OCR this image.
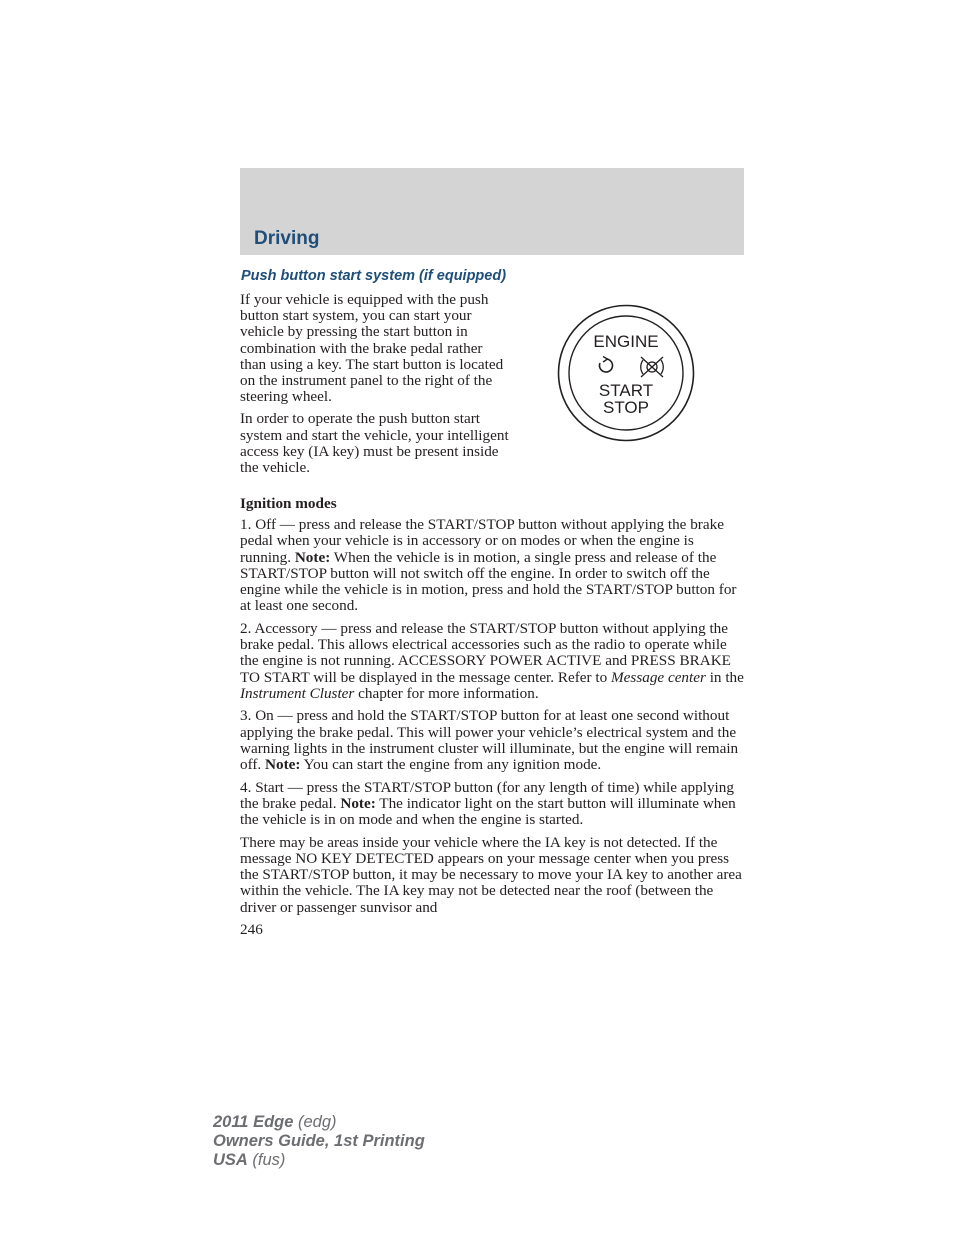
Driving
Push button start system (if equipped)

If your vehicle is equipped with the push button start system, you can start your vehicle by pressing the start button in combination with the brake pedal rather than using a key. The start button is located on the instrument panel to the right of the steering wheel.

In order to operate the push button start system and start the vehicle, your intelligent access key (IA key) must be present inside the vehicle.

ENGINE
START
STOP

Ignition modes

1. Off — press and release the START/STOP button without applying the brake pedal when your vehicle is in accessory or on modes or when the engine is running. Note: When the vehicle is in motion, a single press and release of the START/STOP button will not switch off the engine. In order to switch off the engine while the vehicle is in motion, press and hold the START/STOP button for at least one second.

2. Accessory — press and release the START/STOP button without applying the brake pedal. This allows electrical accessories such as the radio to operate while the engine is not running. ACCESSORY POWER ACTIVE and PRESS BRAKE TO START will be displayed in the message center. Refer to Message center in the Instrument Cluster chapter for more information.

3. On — press and hold the START/STOP button for at least one second without applying the brake pedal. This will power your vehicle’s electrical system and the warning lights in the instrument cluster will illuminate, but the engine will remain off. Note: You can start the engine from any ignition mode.

4. Start — press the START/STOP button (for any length of time) while applying the brake pedal. Note: The indicator light on the start button will illuminate when the vehicle is in on mode and when the engine is started.

There may be areas inside your vehicle where the IA key is not detected. If the message NO KEY DETECTED appears on your message center when you press the START/STOP button, it may be necessary to move your IA key to another area within the vehicle. The IA key may not be detected near the roof (between the driver or passenger sunvisor and

246

2011 Edge (edg)
Owners Guide, 1st Printing
USA (fus)
